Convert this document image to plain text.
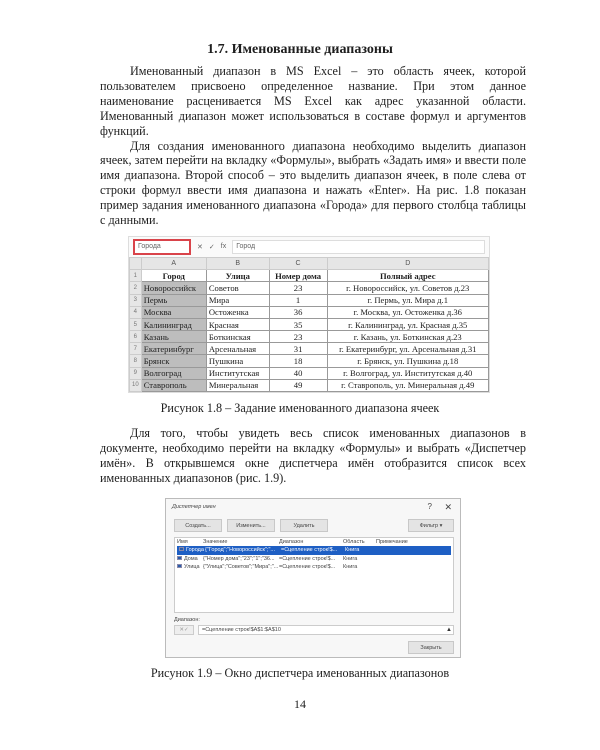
1.7. Именованные диапазоны
Именованный диапазон в MS Excel – это область ячеек, которой пользователем присвоено определенное название. При этом данное наименование расценивается MS Excel как адрес указанной области. Именованный диапазон может использоваться в составе формул и аргументов функций.
Для создания именованного диапазона необходимо выделить диапазон ячеек, затем перейти на вкладку «Формулы», выбрать «Задать имя» и ввести поле имя диапазона. Второй способ – это выделить диапазон ячеек, в поле слева от строки формул ввести имя диапазона и нажать «Enter». На рис. 1.8 показан пример задания именованного диапазона «Города» для первого столбца таблицы с данными.
Города	✕ ✓ fx	Город
	A	B	C	D
1	Город	Улица	Номер дома	Полный адрес
2	Новороссийск	Советов	23	г. Новороссийск, ул. Советов д.23
3	Пермь	Мира	1	г. Пермь, ул. Мира д.1
4	Москва	Остоженка	36	г. Москва, ул. Остоженка д.36
5	Калининград	Красная	35	г. Калининград, ул. Красная д.35
6	Казань	Боткинская	23	г. Казань, ул. Боткинская д.23
7	Екатеринбург	Арсенальная	31	г. Екатеринбург, ул. Арсенальная д.31
8	Брянск	Пушкина	18	г. Брянск, ул. Пушкина д.18
9	Волгоград	Институтская	40	г. Волгоград, ул. Институтская д.40
10	Ставрополь	Минеральная	49	г. Ставрополь, ул. Минеральная д.49
Рисунок 1.8 – Задание именованного диапазона ячеек
Для того, чтобы увидеть весь список именованных диапазонов в документе, необходимо перейти на вкладку «Формулы» и выбрать «Диспетчер имён». В открывшемся окне диспетчера имён отобразится список всех именованных диапазонов (рис. 1.9).
Диспетчер имен	? ✕
Создать...	Изменить...	Удалить	Фильтр ▾
Имя	Значение	Диапазон	Область	Примечание
Города {"Город";"Новороссийск";"...	=Сцепление строк!$...	Книга
Дома {"Номер дома";"23";"1";"36... =Сцепление строк!$...	Книга
Улица {"Улица";"Советов";"Мира";"... =Сцепление строк!$...	Книга
Диапазон:
✕✓	=Сцепление строк!$A$1:$A$10	▲
Закрыть
Рисунок 1.9 – Окно диспетчера именованных диапазонов
14
